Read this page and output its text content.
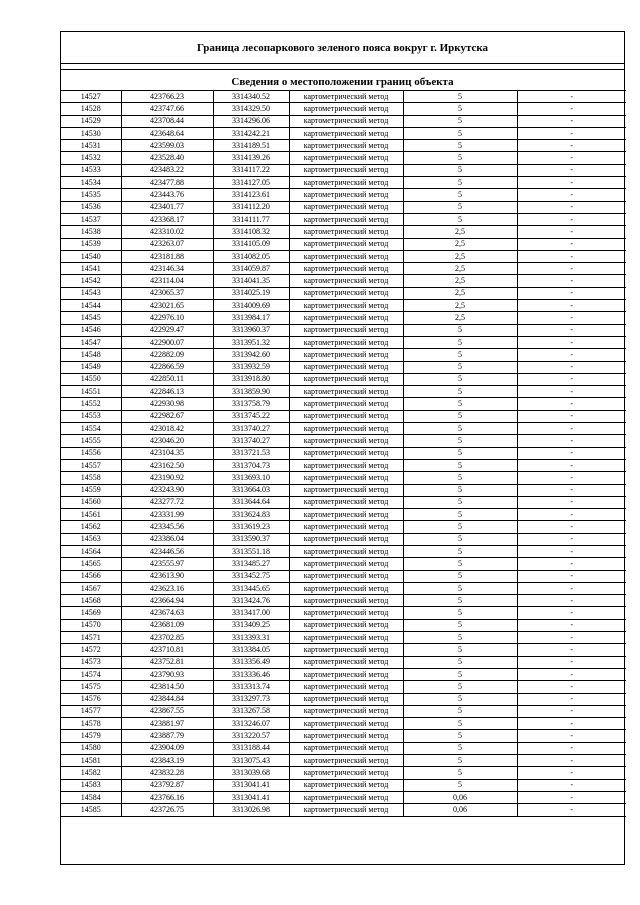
Граница лесопаркового зеленого пояса вокруг г. Иркутска
Сведения о местоположении границ объекта
14527	423766.23	3314340.52	картометрический метод	5	-
14528	423747.66	3314329.50	картометрический метод	5	-
14529	423708.44	3314296.06	картометрический метод	5	-
14530	423648.64	3314242.21	картометрический метод	5	-
14531	423599.03	3314189.51	картометрический метод	5	-
14532	423528.40	3314139.26	картометрический метод	5	-
14533	423483.22	3314117.22	картометрический метод	5	-
14534	423477.88	3314127.05	картометрический метод	5	-
14535	423443.76	3314123.61	картометрический метод	5	-
14536	423401.77	3314112.20	картометрический метод	5	-
14537	423368.17	3314111.77	картометрический метод	5	-
14538	423310.02	3314108.32	картометрический метод	2,5	-
14539	423263.07	3314105.09	картометрический метод	2,5	-
14540	423181.88	3314082.05	картометрический метод	2,5	-
14541	423146.34	3314059.87	картометрический метод	2,5	-
14542	423114.04	3314041.35	картометрический метод	2,5	-
14543	423065.37	3314025.19	картометрический метод	2,5	-
14544	423021.65	3314009.69	картометрический метод	2,5	-
14545	422976.10	3313984.17	картометрический метод	2,5	-
14546	422929.47	3313960.37	картометрический метод	5	-
14547	422900.07	3313951.32	картометрический метод	5	-
14548	422882.09	3313942.60	картометрический метод	5	-
14549	422866.59	3313932.59	картометрический метод	5	-
14550	422850.11	3313918.80	картометрический метод	5	-
14551	422846.13	3313859.90	картометрический метод	5	-
14552	422930.98	3313758.79	картометрический метод	5	-
14553	422982.67	3313745.22	картометрический метод	5	-
14554	423018.42	3313740.27	картометрический метод	5	-
14555	423046.20	3313740.27	картометрический метод	5	-
14556	423104.35	3313721.53	картометрический метод	5	-
14557	423162.50	3313704.73	картометрический метод	5	-
14558	423190.92	3313693.10	картометрический метод	5	-
14559	423243.90	3313664.03	картометрический метод	5	-
14560	423277.72	3313644.64	картометрический метод	5	-
14561	423331.99	3313624.83	картометрический метод	5	-
14562	423345.56	3313619.23	картометрический метод	5	-
14563	423386.04	3313590.37	картометрический метод	5	-
14564	423446.56	3313551.18	картометрический метод	5	-
14565	423555.97	3313485.27	картометрический метод	5	-
14566	423613.90	3313452.75	картометрический метод	5	-
14567	423623.16	3313445.65	картометрический метод	5	-
14568	423664.94	3313424.76	картометрический метод	5	-
14569	423674.63	3313417.00	картометрический метод	5	-
14570	423681.09	3313409.25	картометрический метод	5	-
14571	423702.85	3313393.31	картометрический метод	5	-
14572	423710.81	3313384.05	картометрический метод	5	-
14573	423752.81	3313356.49	картометрический метод	5	-
14574	423790.93	3313336.46	картометрический метод	5	-
14575	423814.50	3313313.74	картометрический метод	5	-
14576	423844.84	3313297.73	картометрический метод	5	-
14577	423867.55	3313267.58	картометрический метод	5	-
14578	423881.97	3313246.07	картометрический метод	5	-
14579	423887.79	3313220.57	картометрический метод	5	-
14580	423904.09	3313188.44	картометрический метод	5	-
14581	423843.19	3313075.43	картометрический метод	5	-
14582	423832.28	3313039.68	картометрический метод	5	-
14583	423792.87	3313041.41	картометрический метод	5	-
14584	423766.16	3313041.41	картометрический метод	0,06	-
14585	423726.75	3313026.98	картометрический метод	0,06	-
